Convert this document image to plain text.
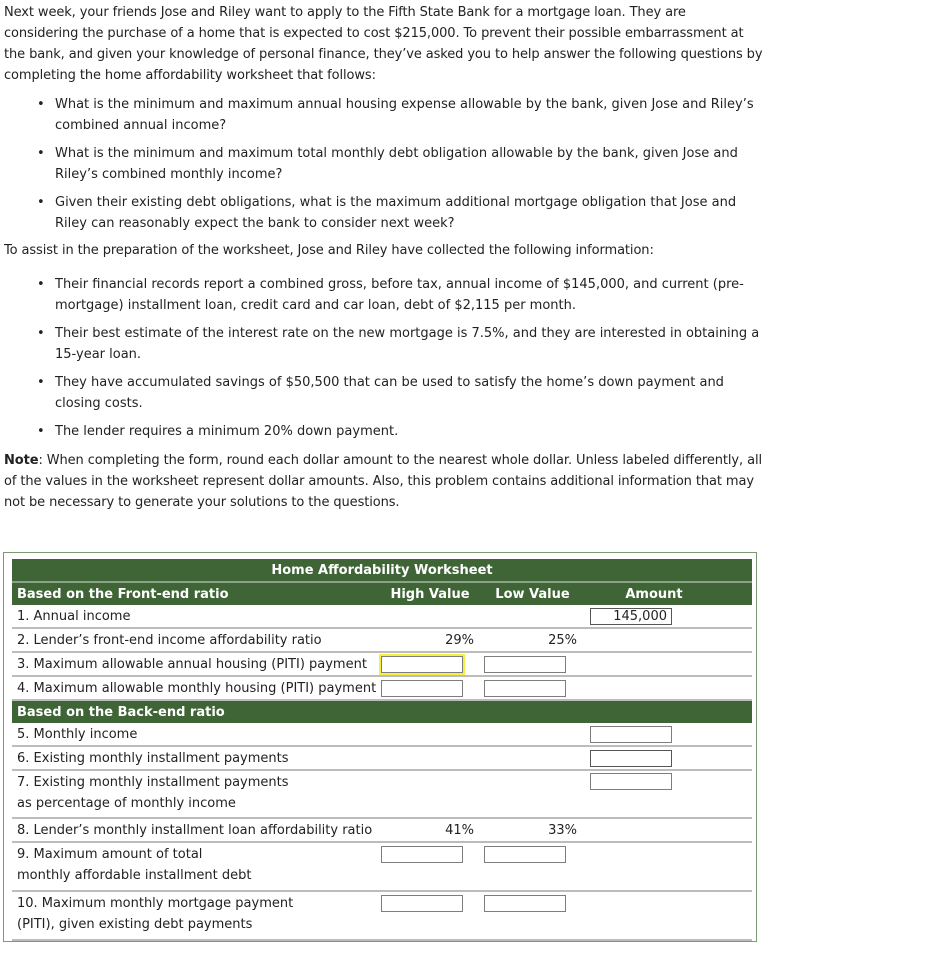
Next week, your friends Jose and Riley want to apply to the Fifth State Bank for a mortgage loan. They are considering the purchase of a home that is expected to cost $215,000. To prevent their possible embarrassment at the bank, and given your knowledge of personal finance, they’ve asked you to help answer the following questions by completing the home affordability worksheet that follows:

• What is the minimum and maximum annual housing expense allowable by the bank, given Jose and Riley’s combined annual income?
• What is the minimum and maximum total monthly debt obligation allowable by the bank, given Jose and Riley’s combined monthly income?
• Given their existing debt obligations, what is the maximum additional mortgage obligation that Jose and Riley can reasonably expect the bank to consider next week?

To assist in the preparation of the worksheet, Jose and Riley have collected the following information:

• Their financial records report a combined gross, before tax, annual income of $145,000, and current (pre-mortgage) installment loan, credit card and car loan, debt of $2,115 per month.
• Their best estimate of the interest rate on the new mortgage is 7.5%, and they are interested in obtaining a 15-year loan.
• They have accumulated savings of $50,500 that can be used to satisfy the home’s down payment and closing costs.
• The lender requires a minimum 20% down payment.

Note: When completing the form, round each dollar amount to the nearest whole dollar. Unless labeled differently, all of the values in the worksheet represent dollar amounts. Also, this problem contains additional information that may not be necessary to generate your solutions to the questions.

Home Affordability Worksheet			
Based on the Front-end ratio	High Value	Low Value	Amount
1. Annual income			145,000
2. Lender’s front-end income affordability ratio	29%	25%	
3. Maximum allowable annual housing (PITI) payment			
4. Maximum allowable monthly housing (PITI) payment			
Based on the Back-end ratio			
5. Monthly income			
6. Existing monthly installment payments			
7. Existing monthly installment payments as percentage of monthly income			
8. Lender’s monthly installment loan affordability ratio	41%	33%	
9. Maximum amount of total monthly affordable installment debt			
10. Maximum monthly mortgage payment (PITI), given existing debt payments			
